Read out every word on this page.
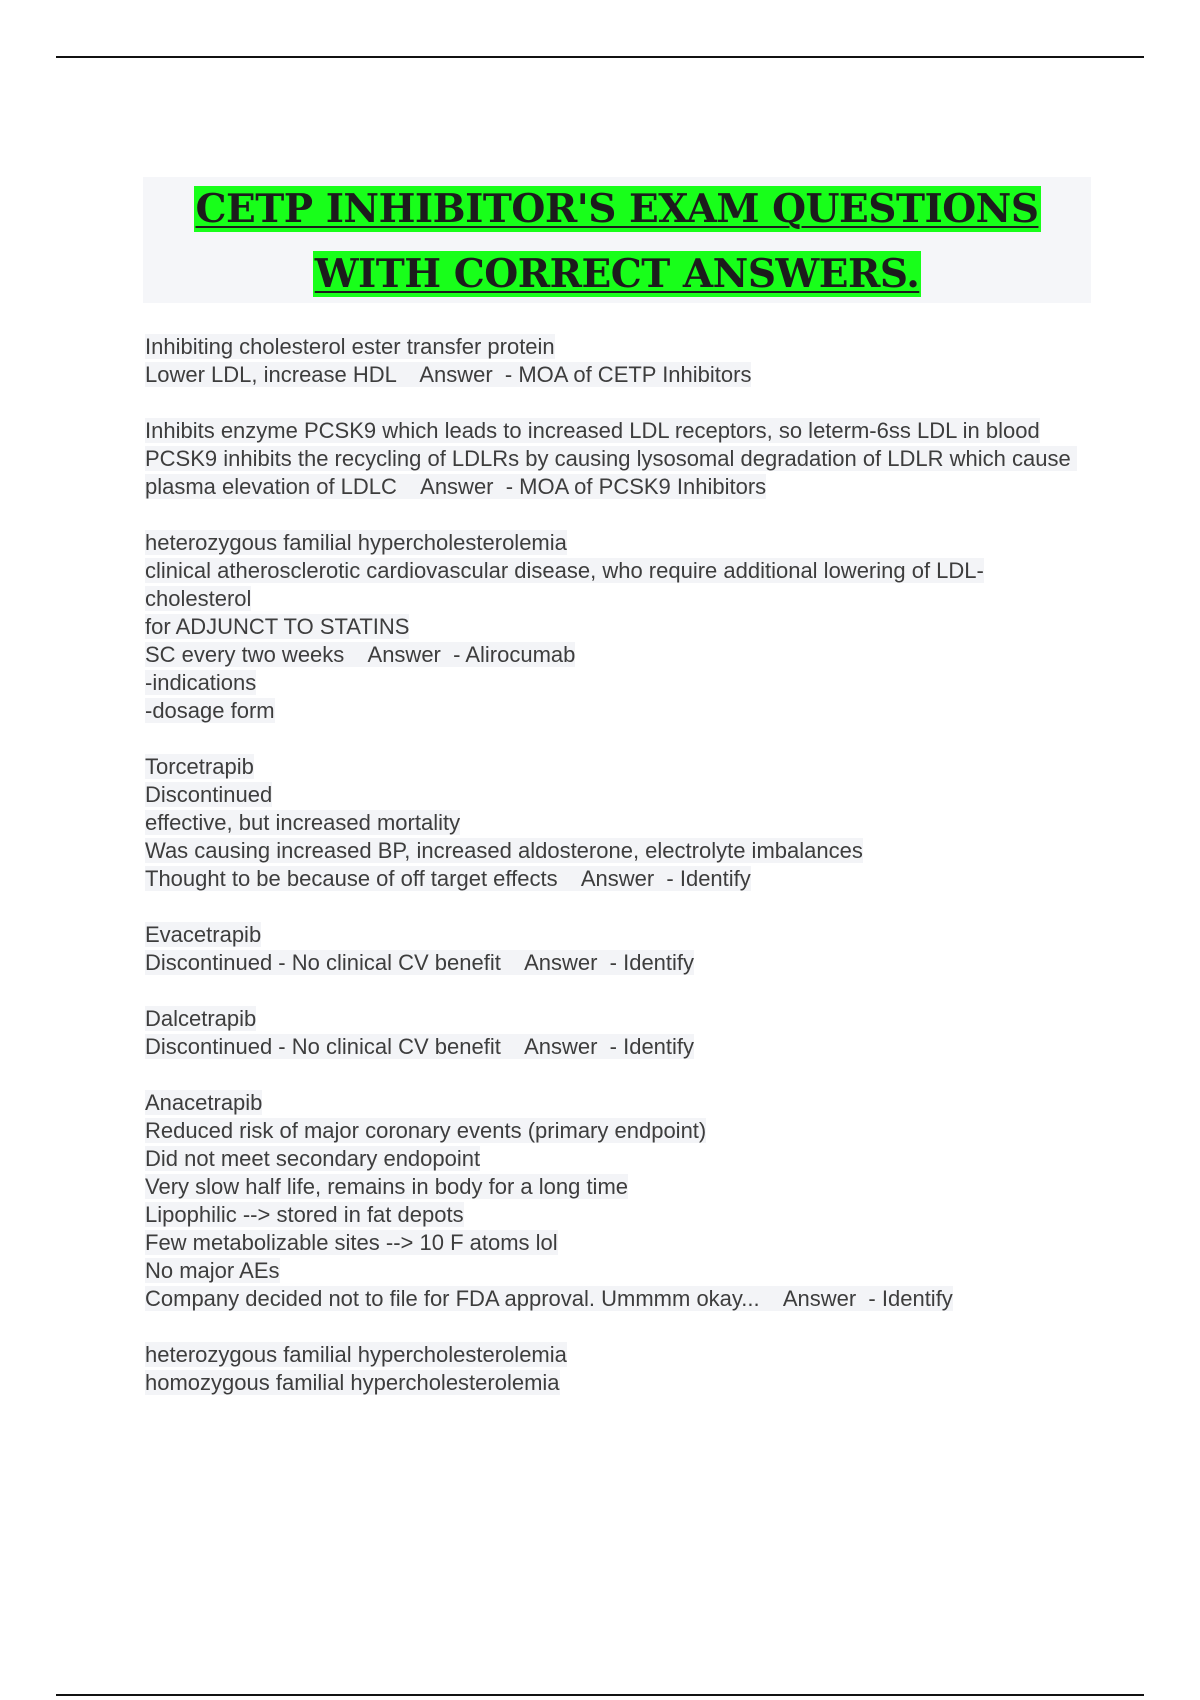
CETP INHIBITOR'S EXAM QUESTIONS WITH CORRECT ANSWERS.
Inhibiting cholesterol ester transfer protein
Lower LDL, increase HDL    Answer  - MOA of CETP Inhibitors
Inhibits enzyme PCSK9 which leads to increased LDL receptors, so leterm-6ss LDL in blood
PCSK9 inhibits the recycling of LDLRs by causing lysosomal degradation of LDLR which cause plasma elevation of LDLC    Answer  - MOA of PCSK9 Inhibitors
heterozygous familial hypercholesterolemia
clinical atherosclerotic cardiovascular disease, who require additional lowering of LDL-cholesterol
for ADJUNCT TO STATINS
SC every two weeks    Answer  - Alirocumab
-indications
-dosage form
Torcetrapib
Discontinued
effective, but increased mortality
Was causing increased BP, increased aldosterone, electrolyte imbalances
Thought to be because of off target effects    Answer  - Identify
Evacetrapib
Discontinued - No clinical CV benefit    Answer  - Identify
Dalcetrapib
Discontinued - No clinical CV benefit    Answer  - Identify
Anacetrapib
Reduced risk of major coronary events (primary endpoint)
Did not meet secondary endopoint
Very slow half life, remains in body for a long time
Lipophilic --> stored in fat depots
Few metabolizable sites --> 10 F atoms lol
No major AEs
Company decided not to file for FDA approval. Ummmm okay...    Answer  - Identify
heterozygous familial hypercholesterolemia
homozygous familial hypercholesterolemia
